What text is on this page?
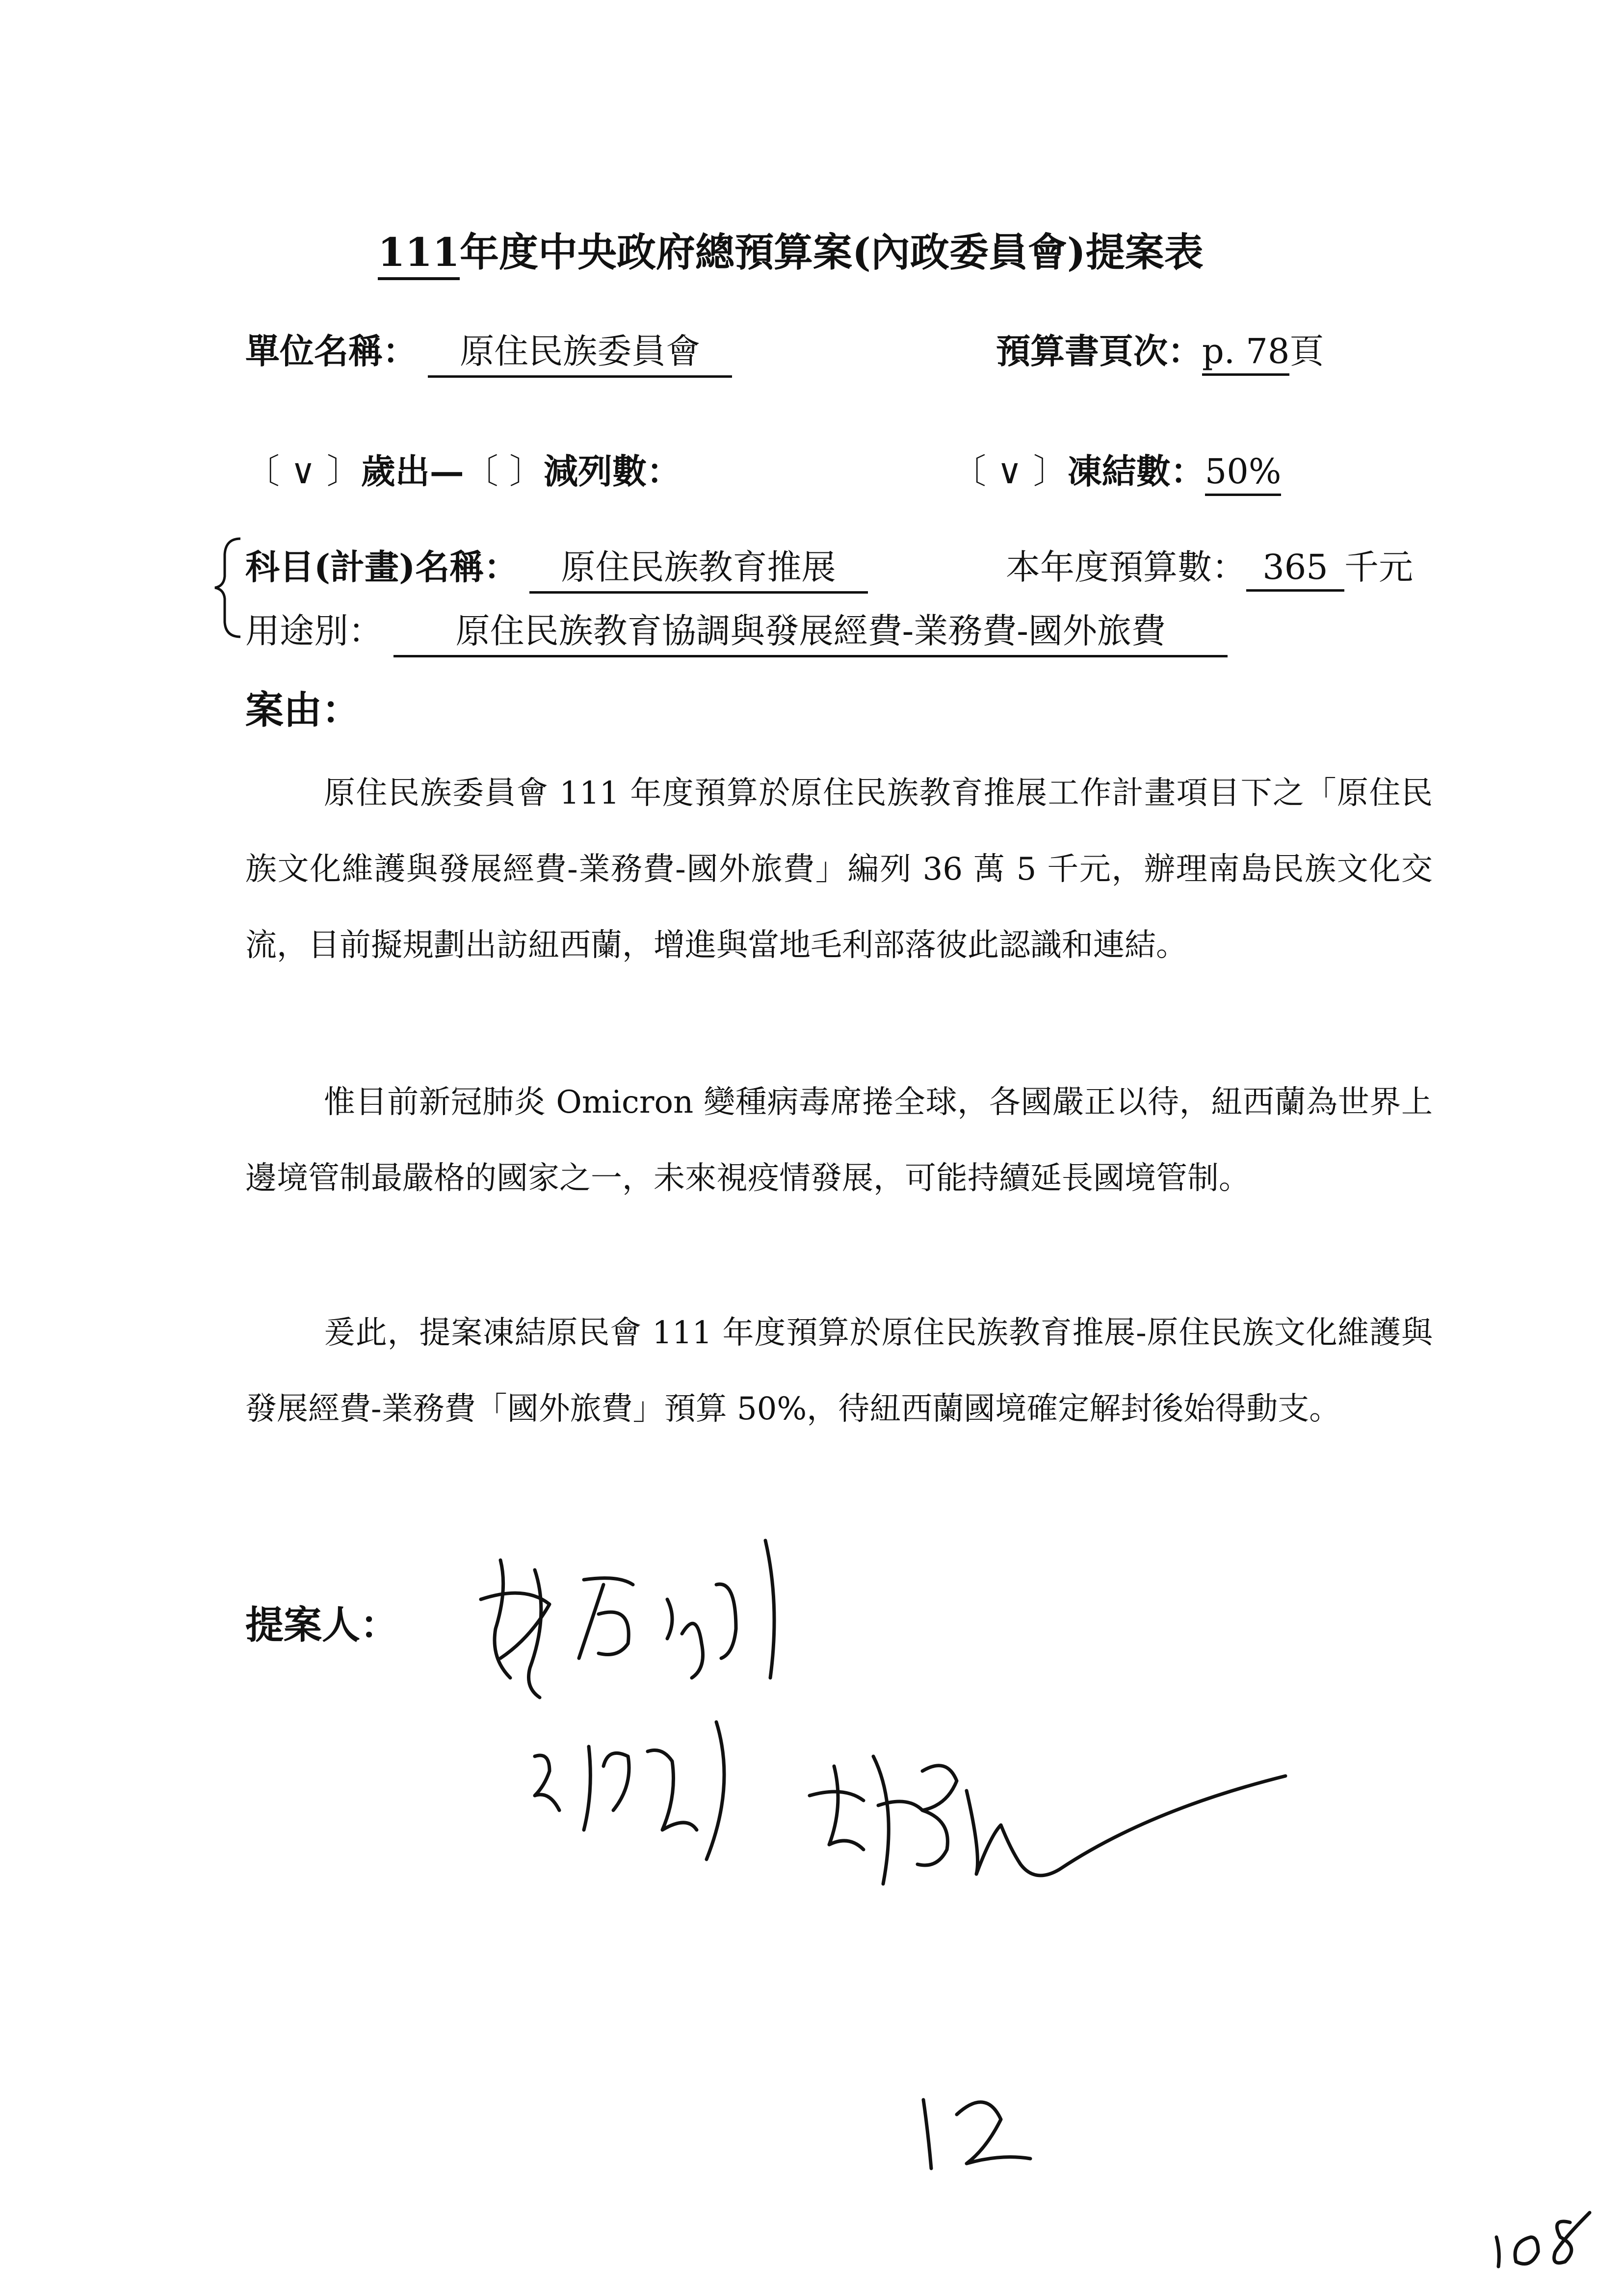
111年度中央政府總預算案(內政委員會)提案表
單位名稱： 原住民族委員會	預算書頁次：p. 78頁
〔 ∨ 〕歲出—〔 〕減列數：	〔 ∨ 〕凍結數：50%
科目(計畫)名稱： 原住民族教育推展	本年度預算數： 365 千元
用途別： 原住民族教育協調與發展經費-業務費-國外旅費
案由：
原住民族委員會 111 年度預算於原住民族教育推展工作計畫項目下之「原住民族文化維護與發展經費-業務費-國外旅費」編列 36 萬 5 千元，辦理南島民族文化交流，目前擬規劃出訪紐西蘭，增進與當地毛利部落彼此認識和連結。
惟目前新冠肺炎 Omicron 變種病毒席捲全球，各國嚴正以待，紐西蘭為世界上邊境管制最嚴格的國家之一，未來視疫情發展，可能持續延長國境管制。
爰此，提案凍結原民會 111 年度預算於原住民族教育推展-原住民族文化維護與發展經費-業務費「國外旅費」預算 50%，待紐西蘭國境確定解封後始得動支。
提案人：
